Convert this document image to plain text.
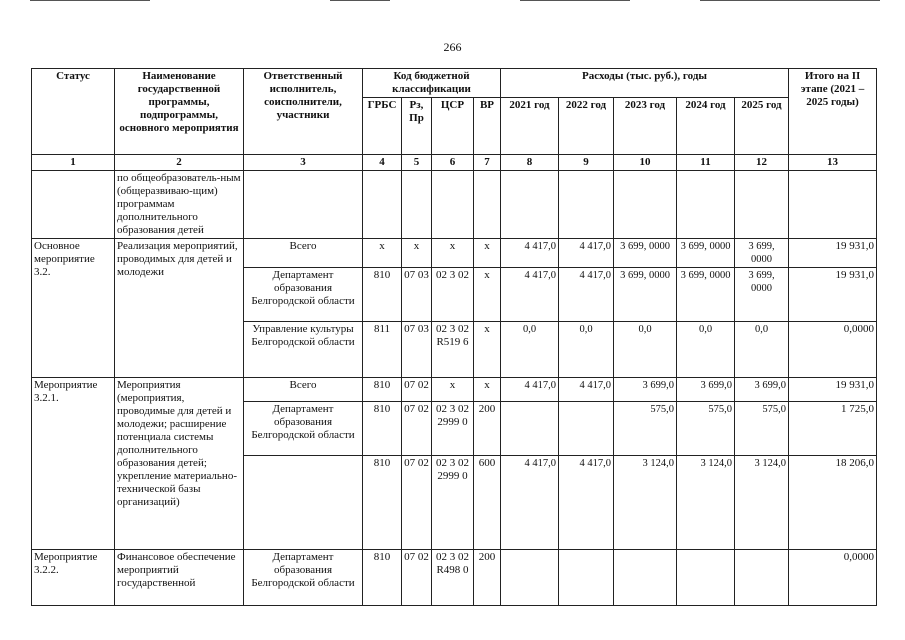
266
Статус	Наименование государственной программы, подпрограммы, основного мероприятия	Ответственный исполнитель, соисполнители, участники	Код бюджетной классификации				Расходы (тыс. руб.), годы					Итого на II этапе (2021 – 2025 годы)
			ГРБС	Рз, Пр	ЦСР	ВР	2021 год	2022 год	2023 год	2024 год	2025 год	
1	2	3	4	5	6	7	8	9	10	11	12	13
	по общеобразователь-ным (общеразвиваю-щим) программам дополнительного образования детей											
Основное мероприятие 3.2.	Реализация мероприятий, проводимых для детей и молодежи	Всего	х	х	х	х	4 417,0	4 417,0	3 699, 0000	3 699, 0000	3 699, 0000	19 931,0
		Департамент образования Белгородской области	810	07 03	02 3 02	х	4 417,0	4 417,0	3 699, 0000	3 699, 0000	3 699, 0000	19 931,0
		Управление культуры Белгородской области	811	07 03	02 3 02 R519 6	х	0,0	0,0	0,0	0,0	0,0	0,0000
Мероприятие 3.2.1.	Мероприятия (мероприятия, проводимые для детей и молодежи; расширение потенциала системы дополнительного образования детей; укрепление материально-технической базы организаций)	Всего	810	07 02	х	х	4 417,0	4 417,0	3 699,0	3 699,0	3 699,0	19 931,0
		Департамент образования Белгородской области	810	07 02	02 3 02 2999 0	200			575,0	575,0	575,0	1 725,0
			810	07 02	02 3 02 2999 0	600	4 417,0	4 417,0	3 124,0	3 124,0	3 124,0	18 206,0
Мероприятие 3.2.2.	Финансовое обеспечение мероприятий государственной	Департамент образования Белгородской области	810	07 02	02 3 02 R498 0	200						0,0000
